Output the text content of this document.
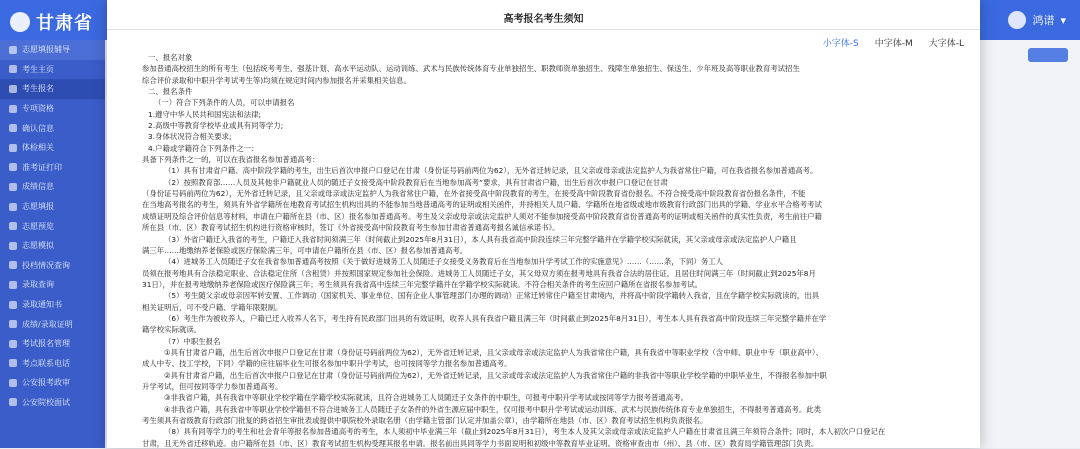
甘肃省	鸿谱 ▾
志愿填报辅导
考生主页
考生报名
专项资格
确认信息
体检相关
准考证打印
成绩信息
志愿填报
志愿预览
志愿模拟
投档情况查询
录取查询
录取通知书
成绩/录取证明
考试报名管理
考点联系电话
公安报考政审
公安院校面试
高考报名考生须知
小字体-S 中字体-M 大字体-L

一、报名对象

参加普通高校招生的所有考生（包括统考考生、强基计划、高水平运动队、运动训练、武术与民族传统体育专业单独招生、职教师资单独招生、残障生单独招生、保送生、少年班及高等职业教育考试招生

综合评价录取和中职升学考试考生等)均须在规定时间内参加报名并采集相关信息。

二、报名条件

（一）符合下列条件的人员，可以申请报名

1.遵守中华人民共和国宪法和法律;

2.高级中等教育学校毕业或具有同等学力;

3.身体状况符合相关要求;

4.户籍或学籍符合下列条件之一：

具备下列条件之一的，可以在我省报名参加普通高考：

（1）具有甘肃省户籍、高中阶段学籍的考生，出生后首次申报户口登记在甘肃（身份证号码前两位为62），无外省迁转记录，且父亲或母亲或法定监护人为我省常住户籍，可在我省报名参加普通高考。

（2）按照教育部……人员及其他非户籍就业人员的随迁子女接受高中阶段教育后在当地参加高考”要求，具有甘肃省户籍，出生后首次申报户口登记在甘肃

（身份证号码前两位为62），无外省迁转记录，且父亲或母亲或法定监护人为我省常住户籍，在外省接受高中阶段教育的考生，在接受高中阶段教育省份报名。不符合接受高中阶段教育省份报名条件，不能

在当地高考报名的考生，须具有外省学籍所在地教育考试招生机构出具的不能参加当地普通高考的证明或相关函件，并持相关人员户籍、学籍所在地省级或地市级教育行政部门出具的学籍、学业水平合格考考试

成绩证明及综合评价信息等材料，申请在户籍所在县（市、区）报名参加普通高考。考生及父亲或母亲或法定监护人须对不能参加接受高中阶段教育省份普通高考的证明或相关函件的真实性负责，考生前往户籍

所在县（市、区）教育考试招生机构进行资格审核时，签订《外省接受高中阶段教育考生参加甘肃省普通高考报名诚信承诺书》。

（3）外省户籍迁入我省的考生，户籍迁入我省时间须满三年（时间截止到2025年8月31日），本人具有我省高中阶段连续三年完整学籍并在学籍学校实际就读，其父亲或母亲或法定监护人户籍且

满三年……地缴纳养老保险或医疗保险满三年，可申请在户籍所在县（市、区）报名参加普通高考。

（4）进城务工人员随迁子女在我省参加普通高考按照《关于做好进城务工人员随迁子女接受义务教育后在当地参加升学考试工作的实施意见》……（……条，下同）务工人

员须在报考地具有合法稳定职业、合法稳定住所（含租赁）并按照国家规定参加社会保险。进城务工人员随迁子女，其父母双方须在报考地具有我省合法的居住证，且居住时间满三年（时间截止到2025年8月

31日），并在报考地缴纳养老保险或医疗保险满三年；考生须具有我省高中连续三年完整学籍并在学籍学校实际就读。不符合相关条件的考生应回户籍所在省报名参加考试。

（5）考生随父亲或母亲因军转安置、工作调动（国家机关、事业单位、国有企业人事管理部门办理的调动）正常迁转常住户籍至甘肃境内，并将高中阶段学籍转入我省，且在学籍学校实际就读的，出具

相关证明后，可不受户籍、学籍年限限制。

（6）考生作为被收养人，户籍已迁入收养人名下，考生持有民政部门出具的有效证明，收养人具有我省户籍且满三年（时间截止到2025年8月31日），考生本人具有我省高中阶段连续三年完整学籍并在学

籍学校实际就读。

（7）中职生报名

①具有甘肃省户籍，出生后首次申报户口登记在甘肃（身份证号码前两位为62），无外省迁转记录，且父亲或母亲或法定监护人为我省常住户籍，具有我省中等职业学校（含中师、职业中专（职业高中）、

成人中专、技工学校，下同）学籍的应往届毕业生可报名参加中职升学考试，也可按同等学力报名参加普通高考。

②具有甘肃省户籍，出生后首次申报户口登记在甘肃（身份证号码前两位为62），无外省迁转记录，且父亲或母亲或法定监护人为我省常住户籍的非我省中等职业学校学籍的中职毕业生，不得报名参加中职

升学考试，但可按同等学力参加普通高考。

③非我省户籍，具有我省中等职业学校学籍在学籍学校实际就读，且符合进城务工人员随迁子女条件的中职生，可报考中职升学考试或按同等学力报考普通高考。

④非我省户籍，具有我省中等职业学校学籍但不符合进城务工人员随迁子女条件的外省生源应届中职生，仅可报考中职升学考试或运动训练、武术与民族传统体育专业单独招生，不得报考普通高考。此类

考生须具有省级教育行政部门批复的跨省招生审批表或提供中职院校外录取名册（由学籍主管部门认定并加盖公章），由学籍所在地县（市、区）教育考试招生机构负责报名。

（8）具有同等学力的考生和社会青年等报名参加普通高考的考生，本人须初中毕业满三年（截止到2025年8月31日），考生本人及其父亲或母亲或法定监护人户籍在甘肃省且满三年须符合条件；同时，本人初次户口登记在

甘肃，且无外省迁移轨迹。由户籍所在县（市、区）教育考试招生机构受理其报名申请。报名前出具同等学力书面说明和初级中等教育毕业证明。资格审查由市（州）、县（市、区）教育局学籍管理部门负责。
